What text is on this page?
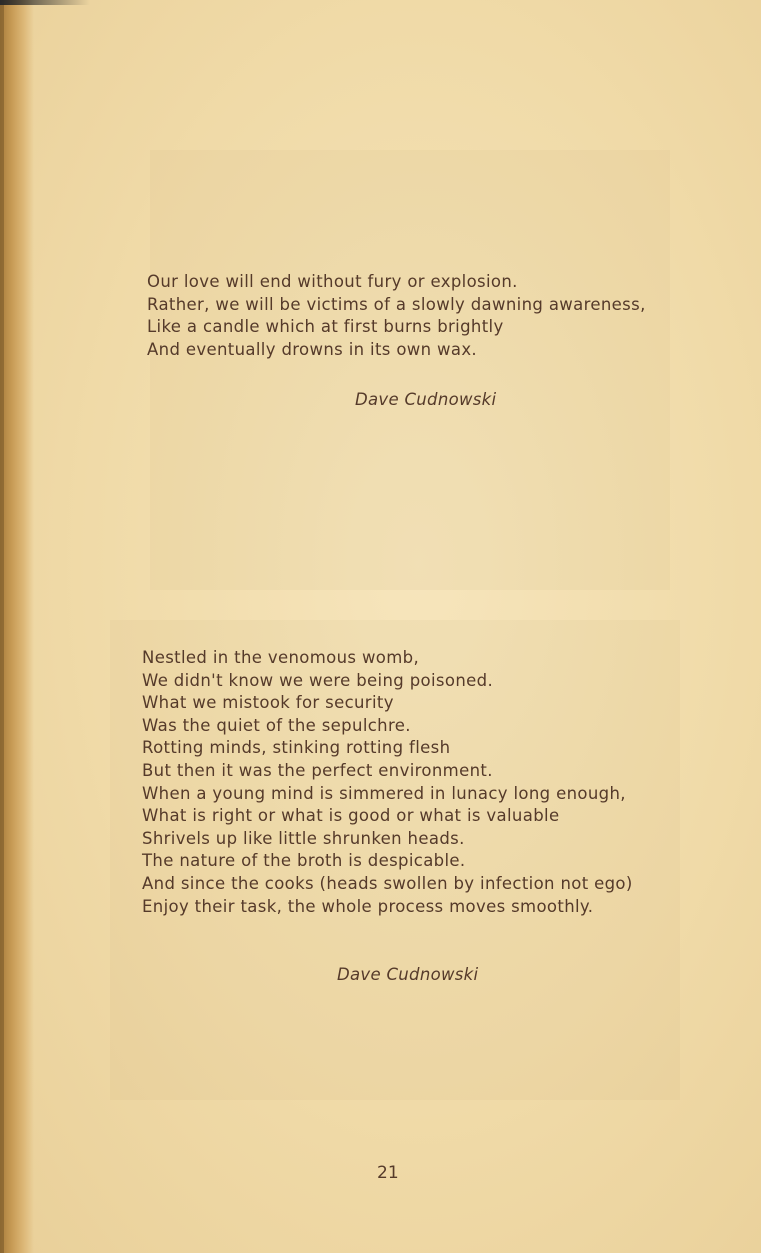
Our love will end without fury or explosion.
Rather, we will be victims of a slowly dawning awareness,
Like a candle which at first burns brightly
And eventually drowns in its own wax.
Dave Cudnowski
Nestled in the venomous womb,
We didn't know we were being poisoned.
What we mistook for security
Was the quiet of the sepulchre.
Rotting minds, stinking rotting flesh
But then it was the perfect environment.
When a young mind is simmered in lunacy long enough,
What is right or what is good or what is valuable
Shrivels up like little shrunken heads.
The nature of the broth is despicable.
And since the cooks (heads swollen by infection not ego)
Enjoy their task, the whole process moves smoothly.
Dave Cudnowski
21
